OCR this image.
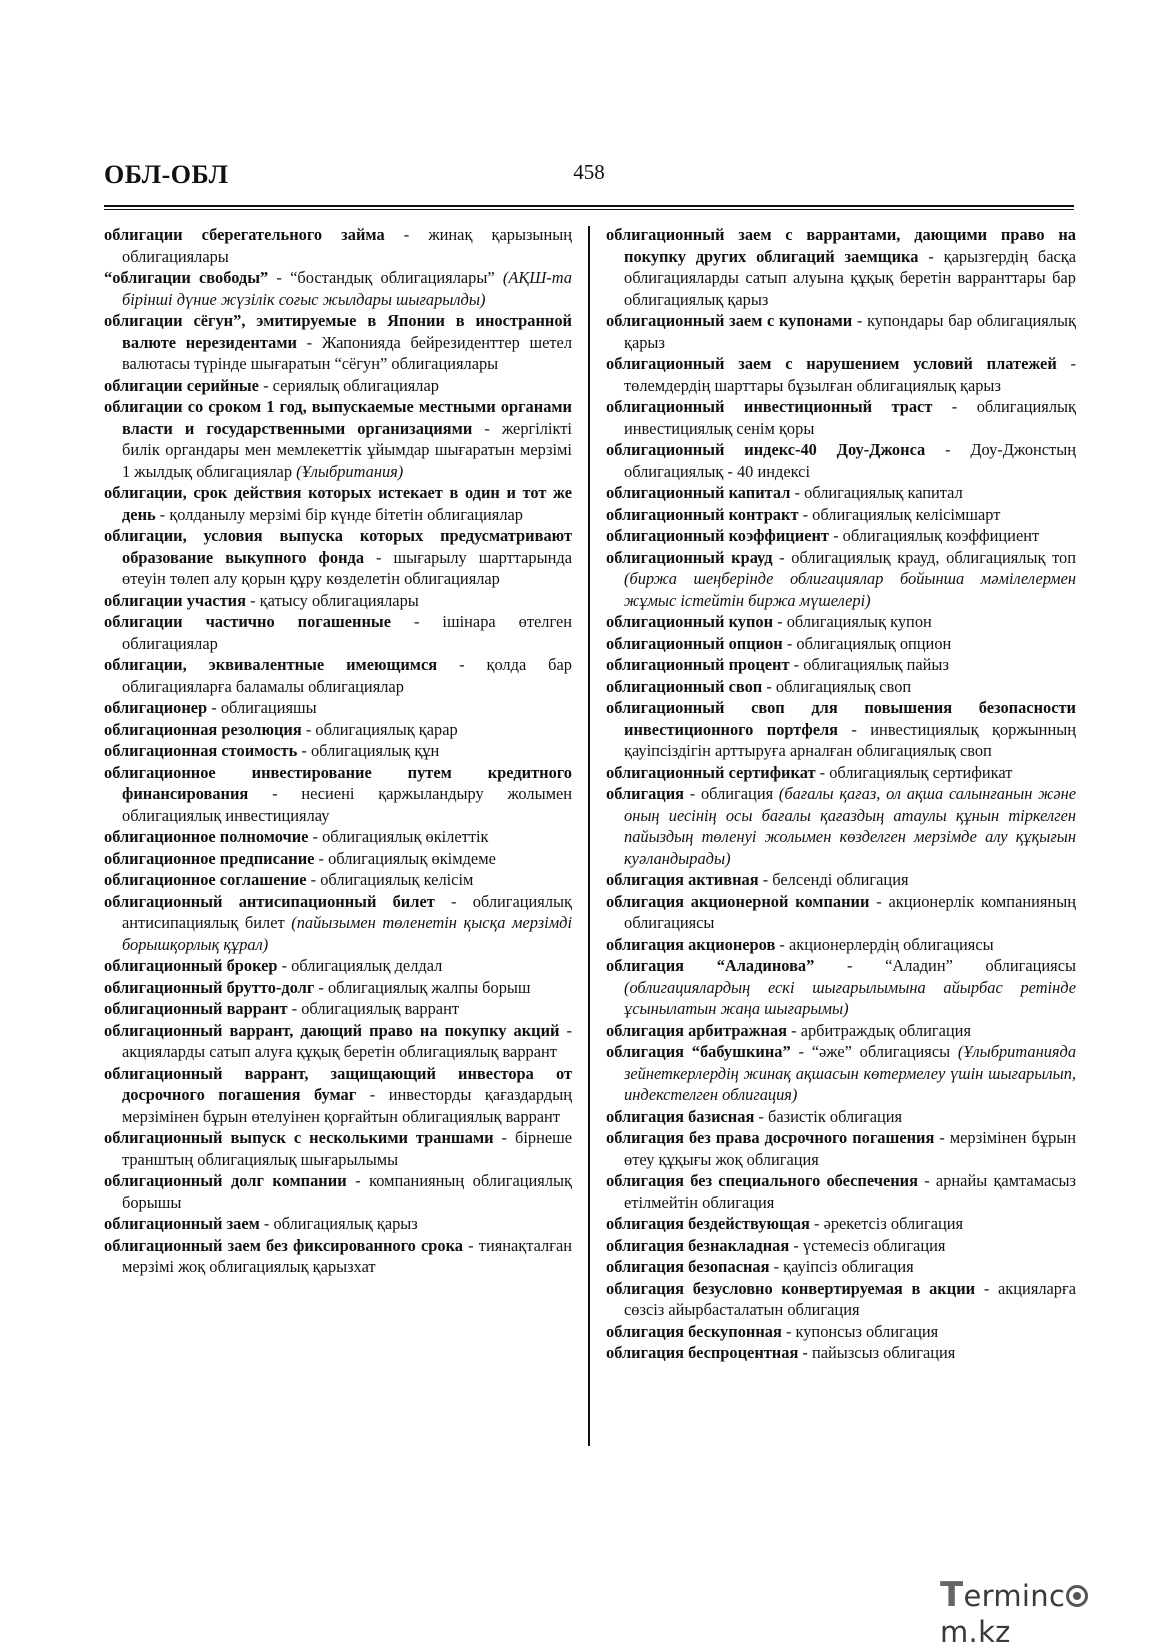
ОБЛ-ОБЛ	458

облигации сберегательного займа - жинақ қарызының облигациялары

“облигации свободы” - “бостандық облигациялары” (АҚШ-та бірінші дүние жүзілік соғыс жылдары шығарылды)

облигации сёгун”, эмитируемые в Японии в иностранной валюте нерезидентами - Жапонияда бейрезиденттер шетел валютасы түрінде шығаратын “сёгун” облигациялары

облигации серийные - сериялық облигациялар

облигации со сроком 1 год, выпускаемые местными органами власти и государственными организациями - жергілікті билік органдары мен мемлекеттік ұйымдар шығаратын мерзімі 1 жылдық облигациялар (Ұлыбритания)

облигации, срок действия которых истекает в один и тот же день - қолданылу мерзімі бір күнде бітетін облигациялар

облигации, условия выпуска которых предусматривают образование выкупного фонда - шығарылу шарттарында өтеуін төлеп алу қорын құру көзделетін облигациялар

облигации участия - қатысу облигациялары

облигации частично погашенные - ішінара өтелген облигациялар

облигации, эквивалентные имеющимся - қолда бар облигацияларға баламалы облигациялар

облигационер - облигацияшы

облигационная резолюция - облигациялық қарар

облигационная стоимость - облигациялық құн

облигационное инвестирование путем кредитного финансирования - несиені қаржыландыру жолымен облигациялық инвестициялау

облигационное полномочие - облигациялық өкілеттік

облигационное предписание - облигациялық өкімдеме

облигационное соглашение - облигациялық келісім

облигационный антисипационный билет - облигациялық антисипациялық билет (пайызымен төленетін қысқа мерзімді борышқорлық құрал)

облигационный брокер - облигациялық делдал

облигационный брутто-долг - облигациялық жалпы борыш

облигационный варрант - облигациялық варрант

облигационный варрант, дающий право на покупку акций - акцияларды сатып алуға құқық беретін облигациялық варрант

облигационный варрант, защищающий инвестора от досрочного погашения бумаг - инвесторды қағаздардың мерзімінен бұрын өтелуінен қорғайтын облигациялық варрант

облигационный выпуск с несколькими траншами - бірнеше транштың облигациялық шығарылымы

облигационный долг компании - компанияның облигациялық борышы

облигационный заем - облигациялық қарыз

облигационный заем без фиксированного срока - тиянақталған мерзімі жоқ облигациялық қарызхат

облигационный заем с варрантами, дающими право на покупку других облигаций заемщика - қарызгердің басқа облигацияларды сатып алуына құқық беретін варранттары бар облигациялық қарыз

облигационный заем с купонами - купондары бар облигациялық қарыз

облигационный заем с нарушением условий платежей - төлемдердің шарттары бұзылған облигациялық қарыз

облигационный инвестиционный траст - облигациялық инвестициялық сенім қоры

облигационный индекс-40 Доу-Джонса - Доу-Джонстың облигациялық - 40 индексі

облигационный капитал - облигациялық капитал

облигационный контракт - облигациялық келісімшарт

облигационный коэффициент - облигациялық коэффициент

облигационный крауд - облигациялық крауд, облигациялық топ (биржа шеңберінде облигациялар бойынша мәмілелермен жұмыс істейтін биржа мүшелері)

облигационный купон - облигациялық купон

облигационный опцион - облигациялық опцион

облигационный процент - облигациялық пайыз

облигационный своп - облигациялық своп

облигационный своп для повышения безопасности инвестиционного портфеля - инвестициялық қоржынның қауіпсіздігін арттыруға арналған облигациялық своп

облигационный сертификат - облигациялық сертификат

облигация - облигация (бағалы қағаз, ол ақша салынғанын және оның иесінің осы бағалы қағаздың атаулы құнын тіркелген пайыздың төленуі жолымен көзделген мерзімде алу құқығын куәландырады)

облигация активная - белсенді облигация

облигация акционерной компании - акционерлік компанияның облигациясы

облигация акционеров - акционерлердің облигациясы

облигация “Аладинова” - “Аладин” облигациясы (облигациялардың ескі шығарылымына айырбас ретінде ұсынылатын жаңа шығарымы)

облигация арбитражная - арбитраждық облигация

облигация “бабушкина” - “әже” облигациясы (Ұлыбританияда зейнеткерлердің жинақ ақшасын көтермелеу үшін шығарылып, индекстелген облигация)

облигация базисная - базистік облигация

облигация без права досрочного погашения - мерзімінен бұрын өтеу құқығы жоқ облигация

облигация без специального обеспечения - арнайы қамтамасыз етілмейтін облигация

облигация бездействующая - әрекетсіз облигация

облигация безнакладная - үстемесіз облигация

облигация безопасная - қауіпсіз облигация

облигация безусловно конвертируемая в акции - акцияларға сөзсіз айырбасталатын облигация

облигация бескупонная - купонсыз облигация

облигация беспроцентная - пайызсыз облигация

Termincm.kz
